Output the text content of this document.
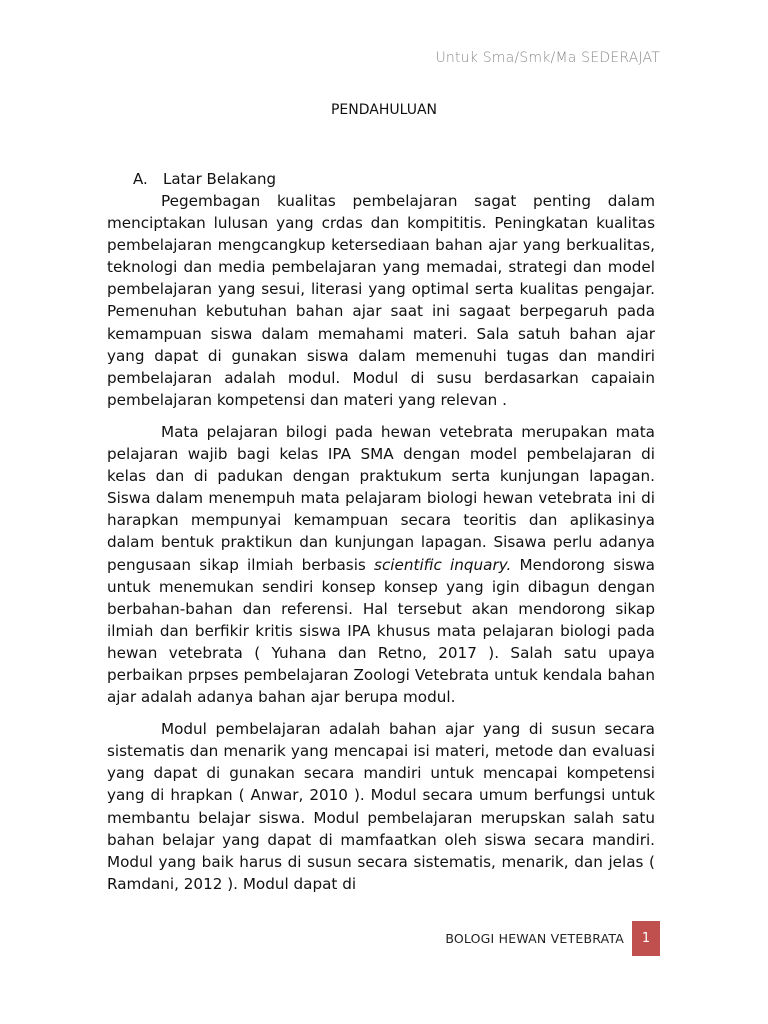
Untuk Sma/Smk/Ma SEDERAJAT
PENDAHULUAN
A. Latar Belakang

Pegembagan kualitas pembelajaran sagat penting dalam menciptakan lulusan yang crdas dan kompititis. Peningkatan kualitas pembelajaran mengcangkup ketersediaan bahan ajar yang berkualitas, teknologi dan media pembelajaran yang memadai, strategi dan model pembelajaran yang sesui, literasi yang optimal serta kualitas pengajar. Pemenuhan kebutuhan bahan ajar saat ini sagaat berpegaruh pada kemampuan siswa dalam memahami materi. Sala satuh bahan ajar yang dapat di gunakan siswa dalam memenuhi tugas dan mandiri pembelajaran adalah modul. Modul di susu berdasarkan capaiain pembelajaran kompetensi dan materi yang relevan .

Mata pelajaran bilogi pada hewan vetebrata merupakan mata pelajaran wajib bagi kelas IPA SMA dengan model pembelajaran di kelas dan di padukan dengan praktukum serta kunjungan lapagan. Siswa dalam menempuh mata pelajaram biologi hewan vetebrata ini di harapkan mempunyai kemampuan secara teoritis dan aplikasinya dalam bentuk praktikun dan kunjungan lapagan. Sisawa perlu adanya pengusaan sikap ilmiah berbasis scientific inquary. Mendorong siswa untuk menemukan sendiri konsep konsep yang igin dibagun dengan berbahan-bahan dan referensi. Hal tersebut akan mendorong sikap ilmiah dan berfikir kritis siswa IPA khusus mata pelajaran biologi pada hewan vetebrata ( Yuhana dan Retno, 2017 ). Salah satu upaya perbaikan prpses pembelajaran Zoologi Vetebrata untuk kendala bahan ajar adalah adanya bahan ajar berupa modul.

Modul pembelajaran adalah bahan ajar yang di susun secara sistematis dan menarik yang mencapai isi materi, metode dan evaluasi yang dapat di gunakan secara mandiri untuk mencapai kompetensi yang di hrapkan ( Anwar, 2010 ). Modul secara umum berfungsi untuk membantu belajar siswa. Modul pembelajaran merupskan salah satu bahan belajar yang dapat di mamfaatkan oleh siswa secara mandiri. Modul yang baik harus di susun secara sistematis, menarik, dan jelas ( Ramdani, 2012 ). Modul dapat di

BOLOGI HEWAN VETEBRATA	1
